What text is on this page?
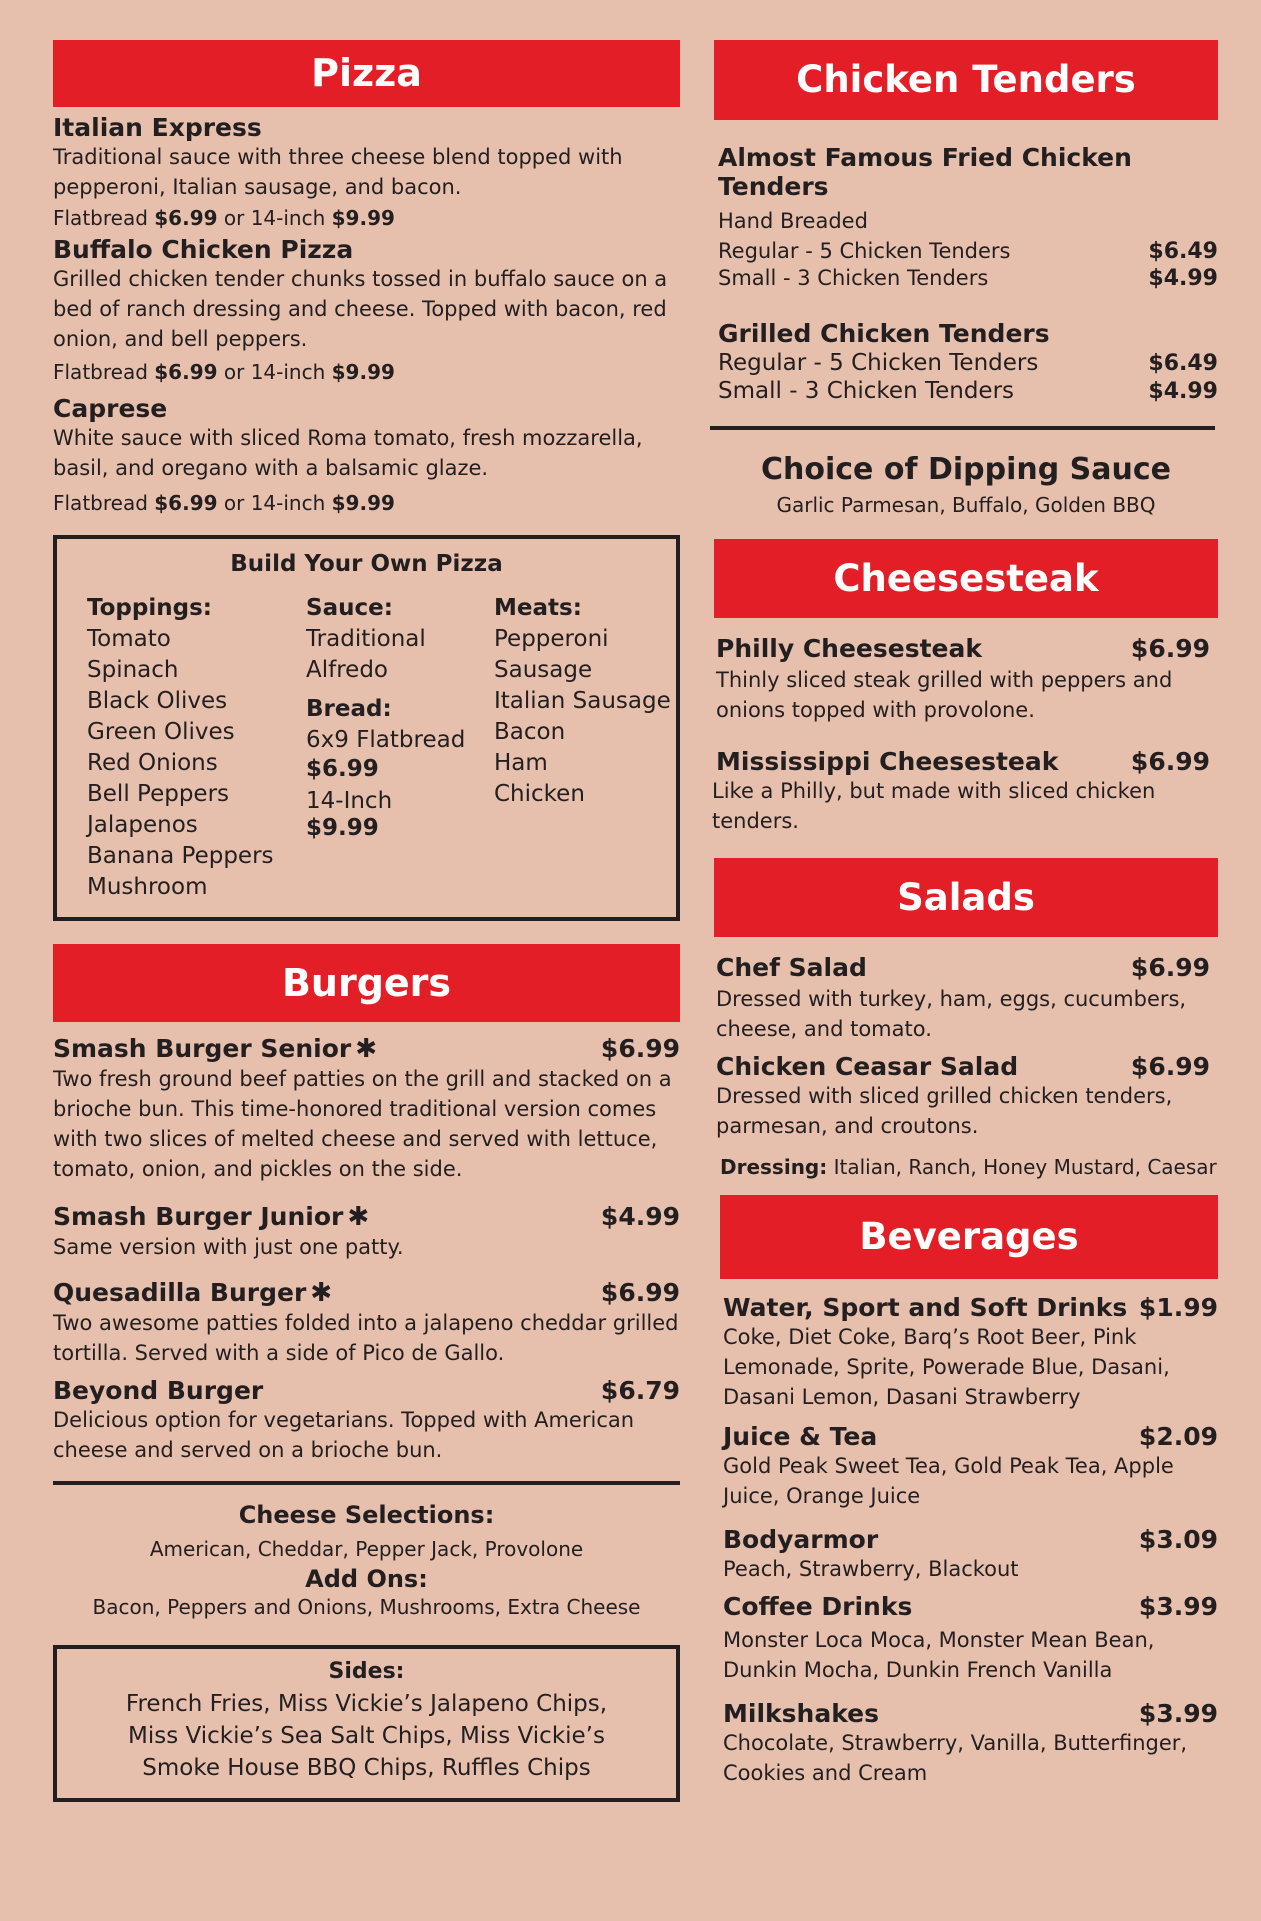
Pizza
Italian Express
Traditional sauce with three cheese blend topped with pepperoni, Italian sausage, and bacon.
Flatbread $6.99 or 14-inch $9.99
Buffalo Chicken Pizza
Grilled chicken tender chunks tossed in buffalo sauce on a bed of ranch dressing and cheese. Topped with bacon, red onion, and bell peppers.
Flatbread $6.99 or 14-inch $9.99
Caprese
White sauce with sliced Roma tomato, fresh mozzarella, basil, and oregano with a balsamic glaze.
Flatbread $6.99 or 14-inch $9.99
Build Your Own Pizza
Toppings:
Tomato
Spinach
Black Olives
Green Olives
Red Onions
Bell Peppers
Jalapenos
Banana Peppers
Mushroom
Sauce:
Traditional
Alfredo
Bread:
6x9 Flatbread
$6.99
14-Inch
$9.99
Meats:
Pepperoni
Sausage
Italian Sausage
Bacon
Ham
Chicken
Burgers
Smash Burger Senior ✱	$6.99
Two fresh ground beef patties on the grill and stacked on a brioche bun. This time-honored traditional version comes with two slices of melted cheese and served with lettuce, tomato, onion, and pickles on the side.
Smash Burger Junior ✱	$4.99
Same version with just one patty.
Quesadilla Burger ✱	$6.99
Two awesome patties folded into a jalapeno cheddar grilled tortilla. Served with a side of Pico de Gallo.
Beyond Burger	$6.79
Delicious option for vegetarians. Topped with American cheese and served on a brioche bun.
Cheese Selections:
American, Cheddar, Pepper Jack, Provolone
Add Ons:
Bacon, Peppers and Onions, Mushrooms, Extra Cheese
Sides:
French Fries, Miss Vickie’s Jalapeno Chips,
Miss Vickie’s Sea Salt Chips, Miss Vickie’s
Smoke House BBQ Chips, Ruffles Chips
Chicken Tenders
Almost Famous Fried Chicken Tenders
Hand Breaded
Regular - 5 Chicken Tenders	$6.49
Small - 3 Chicken Tenders	$4.99
Grilled Chicken Tenders
Regular - 5 Chicken Tenders	$6.49
Small - 3 Chicken Tenders	$4.99
Choice of Dipping Sauce
Garlic Parmesan, Buffalo, Golden BBQ
Cheesesteak
Philly Cheesesteak	$6.99
Thinly sliced steak grilled with peppers and onions topped with provolone.
Mississippi Cheesesteak	$6.99
Like a Philly, but made with sliced chicken tenders.
Salads
Chef Salad	$6.99
Dressed with turkey, ham, eggs, cucumbers, cheese, and tomato.
Chicken Ceasar Salad	$6.99
Dressed with sliced grilled chicken tenders, parmesan, and croutons.
Dressing: Italian, Ranch, Honey Mustard, Caesar
Beverages
Water, Sport and Soft Drinks $1.99
Coke, Diet Coke, Barq’s Root Beer, Pink Lemonade, Sprite, Powerade Blue, Dasani, Dasani Lemon, Dasani Strawberry
Juice & Tea	$2.09
Gold Peak Sweet Tea, Gold Peak Tea, Apple Juice, Orange Juice
Bodyarmor	$3.09
Peach, Strawberry, Blackout
Coffee Drinks	$3.99
Monster Loca Moca, Monster Mean Bean, Dunkin Mocha, Dunkin French Vanilla
Milkshakes	$3.99
Chocolate, Strawberry, Vanilla, Butterfinger, Cookies and Cream
